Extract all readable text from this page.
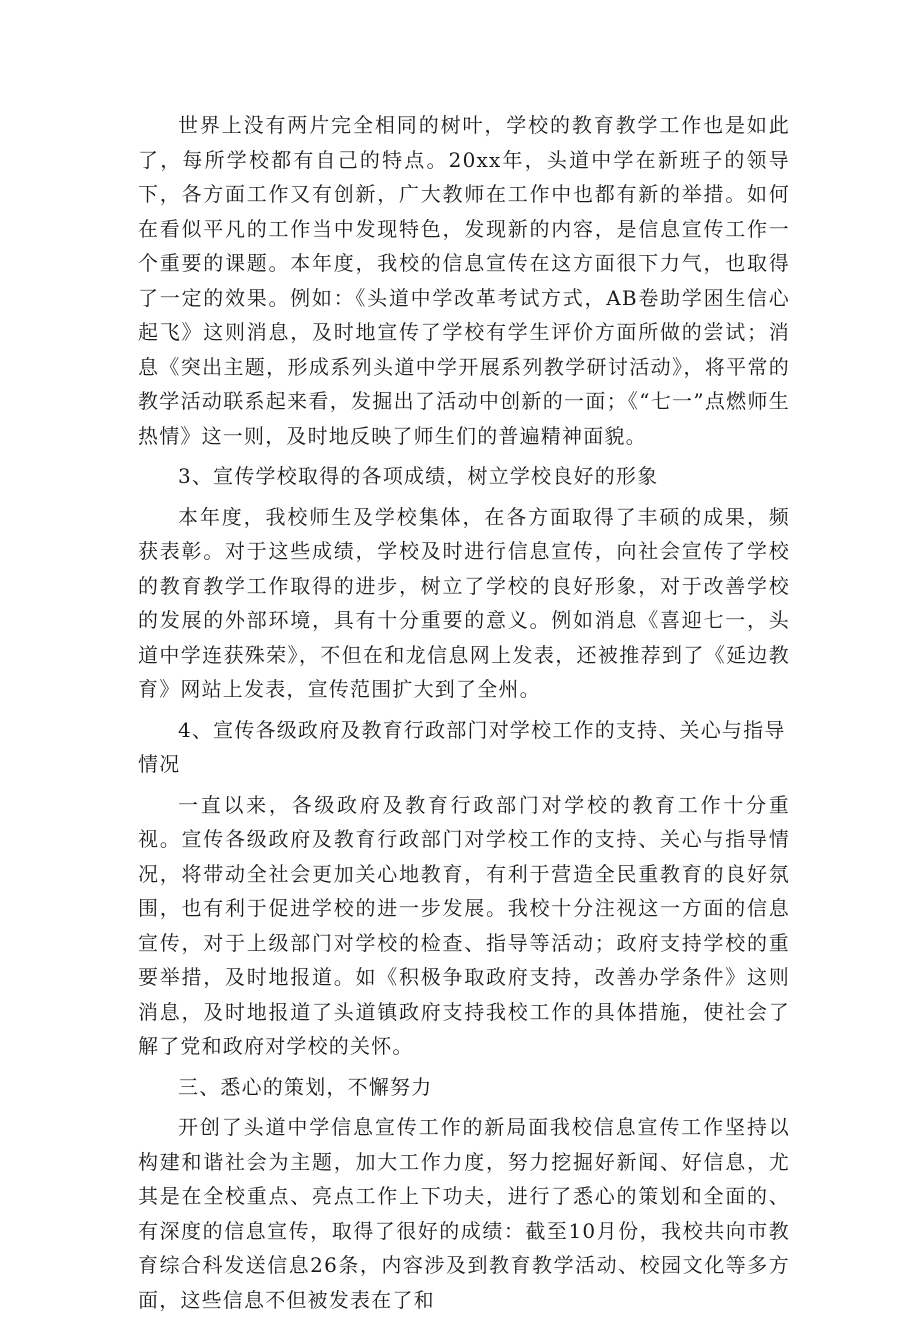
世界上没有两片完全相同的树叶，学校的教育教学工作也是如此了，每所学校都有自己的特点。20xx年，头道中学在新班子的领导下，各方面工作又有创新，广大教师在工作中也都有新的举措。如何在看似平凡的工作当中发现特色，发现新的内容，是信息宣传工作一个重要的课题。本年度，我校的信息宣传在这方面很下力气，也取得了一定的效果。例如：《头道中学改革考试方式，AB卷助学困生信心起飞》这则消息，及时地宣传了学校有学生评价方面所做的尝试；消息《突出主题，形成系列头道中学开展系列教学研讨活动》，将平常的教学活动联系起来看，发掘出了活动中创新的一面；《“七一”点燃师生热情》这一则，及时地反映了师生们的普遍精神面貌。

3、宣传学校取得的各项成绩，树立学校良好的形象

本年度，我校师生及学校集体，在各方面取得了丰硕的成果，频获表彰。对于这些成绩，学校及时进行信息宣传，向社会宣传了学校的教育教学工作取得的进步，树立了学校的良好形象，对于改善学校的发展的外部环境，具有十分重要的意义。例如消息《喜迎七一，头道中学连获殊荣》，不但在和龙信息网上发表，还被推荐到了《延边教育》网站上发表，宣传范围扩大到了全州。

4、宣传各级政府及教育行政部门对学校工作的支持、关心与指导情况

一直以来，各级政府及教育行政部门对学校的教育工作十分重视。宣传各级政府及教育行政部门对学校工作的支持、关心与指导情况，将带动全社会更加关心地教育，有利于营造全民重教育的良好氛围，也有利于促进学校的进一步发展。我校十分注视这一方面的信息宣传，对于上级部门对学校的检查、指导等活动；政府支持学校的重要举措，及时地报道。如《积极争取政府支持，改善办学条件》这则消息，及时地报道了头道镇政府支持我校工作的具体措施，使社会了解了党和政府对学校的关怀。

三、悉心的策划，不懈努力

开创了头道中学信息宣传工作的新局面我校信息宣传工作坚持以构建和谐社会为主题，加大工作力度，努力挖掘好新闻、好信息，尤其是在全校重点、亮点工作上下功夫，进行了悉心的策划和全面的、有深度的信息宣传，取得了很好的成绩：截至10月份，我校共向市教育综合科发送信息26条，内容涉及到教育教学活动、校园文化等多方面，这些信息不但被发表在了和
